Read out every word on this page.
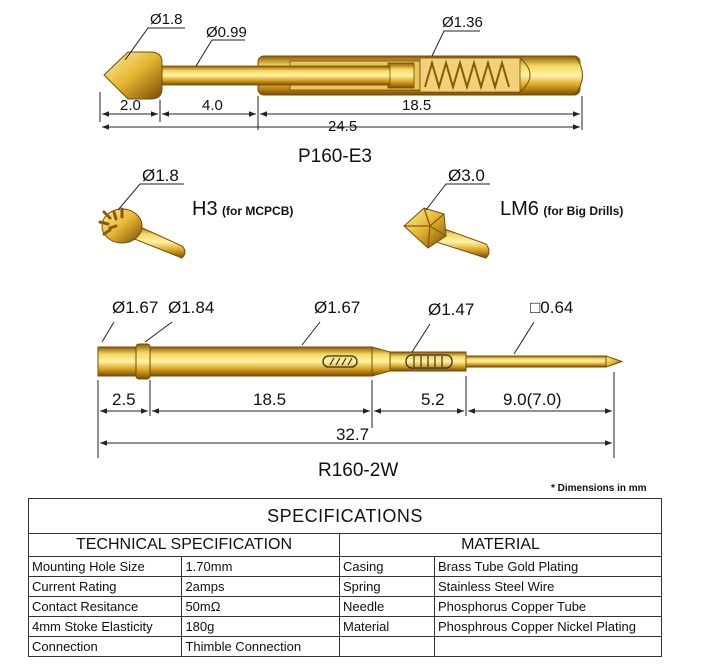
Ø1.8
Ø0.99
Ø1.36
2.0	4.0	18.5
24.5
P160-E3
Ø1.8
H3 (for MCPCB)
Ø3.0
LM6 (for Big Drills)
Ø1.67 Ø1.84	Ø1.67	Ø1.47	□0.64
2.5	18.5	5.2	9.0(7.0)
32.7
R160-2W
* Dimensions in mm
SPECIFICATIONS			
TECHNICAL SPECIFICATION		MATERIAL	
Mounting Hole Size	1.70mm	Casing	Brass Tube Gold Plating
Current Rating	2amps	Spring	Stainless Steel Wire
Contact Resitance	50mΩ	Needle	Phosphorus Copper Tube
4mm Stoke Elasticity	180g	Material	Phosphrous Copper Nickel Plating
Connection	Thimble Connection		
